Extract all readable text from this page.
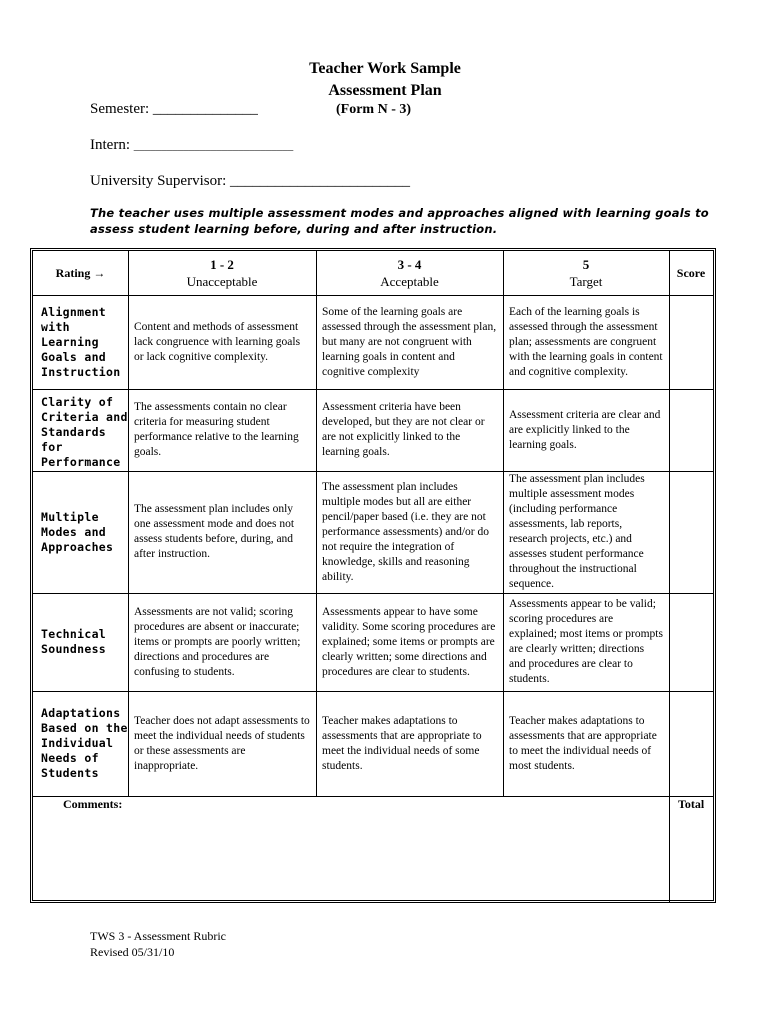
Teacher Work Sample
Assessment Plan
(Form N - 3)
Semester: ______________
Intern: _____________________________
University Supervisor: ________________________
The teacher uses multiple assessment modes and approaches aligned with learning goals to assess student learning before, during and after instruction.
Rating →
1 - 2
Unacceptable
3 - 4
Acceptable
5
Target
Score
Alignment with Learning Goals and Instruction
Content and methods of assessment lack congruence with learning goals or lack cognitive complexity.
Some of the learning goals are assessed through the assessment plan, but many are not congruent with learning goals in content and cognitive complexity
Each of the learning goals is assessed through the assessment plan; assessments are congruent with the learning goals in content and cognitive complexity.
Clarity of Criteria and Standards for Performance
The assessments contain no clear criteria for measuring student performance relative to the learning goals.
Assessment criteria have been developed, but they are not clear or are not explicitly linked to the learning goals.
Assessment criteria are clear and are explicitly linked to the learning goals.
Multiple Modes and Approaches
The assessment plan includes only one assessment mode and does not assess students before, during, and after instruction.
The assessment plan includes multiple modes but all are either pencil/paper based (i.e. they are not performance assessments) and/or do not require the integration of knowledge, skills and reasoning ability.
The assessment plan includes multiple assessment modes (including performance assessments, lab reports, research projects, etc.) and assesses student performance throughout the instructional sequence.
Technical Soundness
Assessments are not valid; scoring procedures are absent or inaccurate; items or prompts are poorly written; directions and procedures are confusing to students.
Assessments appear to have some validity. Some scoring procedures are explained; some items or prompts are clearly written; some directions and procedures are clear to students.
Assessments appear to be valid; scoring procedures are explained; most items or prompts are clearly written; directions and procedures are clear to students.
Adaptations Based on the Individual Needs of Students
Teacher does not adapt assessments to meet the individual needs of students or these assessments are inappropriate.
Teacher makes adaptations to assessments that are appropriate to meet the individual needs of some students.
Teacher makes adaptations to assessments that are appropriate to meet the individual needs of most students.
Comments:	Total
TWS 3 - Assessment Rubric
Revised 05/31/10
